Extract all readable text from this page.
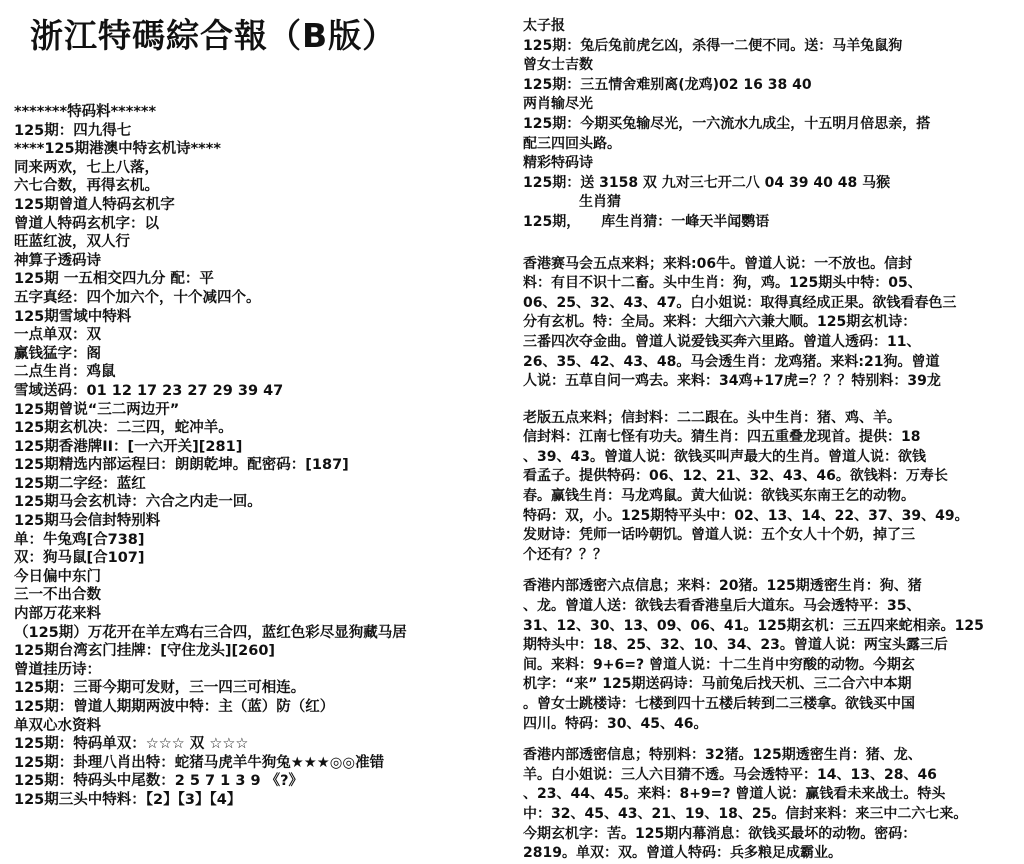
浙江特碼綜合報（B版）
*******特码料******
125期：四九得七
****125期港澳中特玄机诗****
同来两欢，七上八落，
六七合数，再得玄机。
125期曾道人特码玄机字
曾道人特码玄机字：以
旺蓝红波，双人行
神算子透码诗
125期 一五相交四九分 配：平
五字真经：四个加六个，十个减四个。
125期雪域中特料
一点单双：双
赢钱猛字：阁
二点生肖：鸡鼠
雪域送码：01 12 17 23 27 29 39 47
125期曾说“三二两边开”
125期玄机决：二三四，蛇冲羊。
125期香港牌II：[一六开关][281]
125期精选内部运程曰：朗朗乾坤。配密码：[187]
125期二字经：蓝红
125期马会玄机诗：六合之内走一回。
125期马会信封特别料
单：牛兔鸡[合738]
双：狗马鼠[合107]
今日偏中东门
三一不出合数
内部万花来料
（125期）万花开在羊左鸡右三合四，蓝红色彩尽显狗藏马居
125期台湾玄门挂牌：[守住龙头][260]
曾道挂历诗：
125期：三哥今期可发财，三一四三可相连。
125期：曾道人期期两波中特：主（蓝）防（红）
单双心水资料
125期：特码单双：☆☆☆ 双 ☆☆☆
125期：卦理八肖出特：蛇猪马虎羊牛狗兔★★★◎◎准错
125期：特码头中尾数：2 5 7 1 3 9 《?》
125期三头中特料：【2】【3】【4】
太子报
125期：兔后兔前虎乞凶，杀得一二便不同。送：马羊兔鼠狗
曾女士吉数
125期：三五情舍难别离(龙鸡)02 16 38 40
两肖输尽光
125期：今期买兔输尽光，一六流水九成尘，十五明月倍思亲，搭
配三四回头路。
精彩特码诗
125期：送 3158 双 九对三七开二八 04 39 40 48 马猴
　　　　生肖猜
125期，　　库生肖猜：一峰天半闻鹦语
香港赛马会五点来料；来料:06牛。曾道人说：一不放也。信封
料：有目不识十二畜。头中生肖：狗，鸡。125期头中特：05、
06、25、32、43、47。白小姐说：取得真经成正果。欲钱看春色三
分有玄机。特：全局。来料：大细六六兼大顺。125期玄机诗：
三番四次夺金曲。曾道人说爱钱买奔六里路。曾道人透码：11、
26、35、42、43、48。马会透生肖：龙鸡猪。来料:21狗。曾道
人说：五草自问一鸡去。来料：34鸡+17虎=？？？特别料：39龙
老版五点来料；信封料：二二跟在。头中生肖：猪、鸡、羊。
信封料：江南七怪有功夫。猜生肖：四五重叠龙现首。提供：18
、39、43。曾道人说：欲钱买叫声最大的生肖。曾道人说：欲钱
看孟子。提供特码：06、12、21、32、43、46。欲钱料：万寿长
春。赢钱生肖：马龙鸡鼠。黄大仙说：欲钱买东南王乞的动物。
特码：双，小。125期特平头中：02、13、14、22、37、39、49。
发财诗：凭师一话吟朝饥。曾道人说：五个女人十个奶，掉了三
个还有？？？
香港内部透密六点信息；来料：20猪。125期透密生肖：狗、猪
、龙。曾道人送：欲钱去看香港皇后大道东。马会透特平：35、
31、12、30、13、09、06、41。125期玄机：三五四来蛇相亲。125
期特头中：18、25、32、10、34、23。曾道人说：两宝头露三后
间。来料：9+6=? 曾道人说：十二生肖中穷酸的动物。今期玄
机字：“来” 125期送码诗：马前兔后找天机、三二合六中本期
。曾女士跳楼诗：七楼到四十五楼后转到二三楼拿。欲钱买中国
四川。特码：30、45、46。
香港内部透密信息；特别料：32猪。125期透密生肖：猪、龙、
羊。白小姐说：三人六目猜不透。马会透特平：14、13、28、46
、23、44、45。来料：8+9=? 曾道人说：赢钱看未来战士。特头
中：32、45、43、21、19、18、25。信封来料：来三中二六七来。
今期玄机字：苦。125期内幕消息：欲钱买最坏的动物。密码：
2819。单双：双。曾道人特码：兵多粮足成霸业。
